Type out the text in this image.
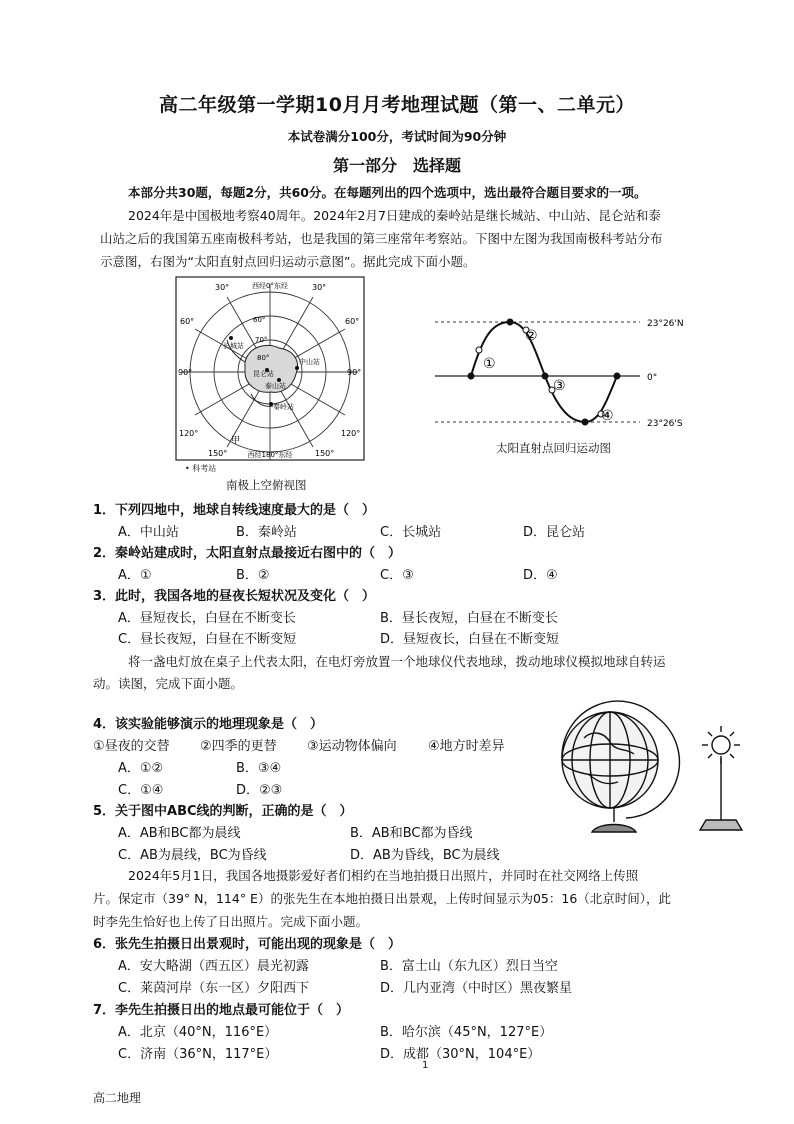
高二年级第一学期10月月考地理试题（第一、二单元）
本试卷满分100分，考试时间为90分钟
第一部分　选择题
本部分共30题，每题2分，共60分。在每题列出的四个选项中，选出最符合题目要求的一项。
2024年是中国极地考察40周年。2024年2月7日建成的秦岭站是继长城站、中山站、昆仑站和泰
山站之后的我国第五座南极科考站，也是我国的第三座常年考察站。下图中左图为我国南极科考站分布
示意图，右图为“太阳直射点回归运动示意图”。据此完成下面小题。
西经0°东经
西经180°东经
30°	30°
60°	60°
90°	90°
120°	120°
150°	150°
60°
70°
80°
长城站
昆仑站
泰山站
中山站
秦岭站
甲
• 科考站
南极上空俯视图
①
②
③
④
23°26'N
0°
23°26'S
太阳直射点回归运动图
1．下列四地中，地球自转线速度最大的是（　）
A．中山站	B．秦岭站	C．长城站	D．昆仑站
2．秦岭站建成时，太阳直射点最接近右图中的（　）
A．①	B．②	C．③	D．④
3．此时，我国各地的昼夜长短状况及变化（　）
A．昼短夜长，白昼在不断变长	B．昼长夜短，白昼在不断变长
C．昼长夜短，白昼在不断变短	D．昼短夜长，白昼在不断变短
将一盏电灯放在桌子上代表太阳，在电灯旁放置一个地球仪代表地球，拨动地球仪模拟地球自转运
动。读图，完成下面小题。
4．该实验能够演示的地理现象是（　）
①昼夜的交替 ②四季的更替 ③运动物体偏向 ④地方时差异
A．①②	B．③④
C．①④	D．②③
5．关于图中ABC线的判断，正确的是（　）
A．AB和BC都为晨线	B．AB和BC都为昏线
C．AB为晨线，BC为昏线	D．AB为昏线，BC为晨线
2024年5月1日，我国各地摄影爱好者们相约在当地拍摄日出照片，并同时在社交网络上传照
片。保定市（39° N，114° E）的张先生在本地拍摄日出景观，上传时间显示为05：16（北京时间），此
时李先生恰好也上传了日出照片。完成下面小题。
6．张先生拍摄日出景观时，可能出现的现象是（　）
A．安大略湖（西五区）晨光初露	B．富士山（东九区）烈日当空
C．莱茵河岸（东一区）夕阳西下	D．几内亚湾（中时区）黑夜繁星
7．李先生拍摄日出的地点最可能位于（　）
A．北京（40°N，116°E）	B．哈尔滨（45°N，127°E）
C．济南（36°N，117°E）	D．成都（30°N，104°E）
1
高二地理
